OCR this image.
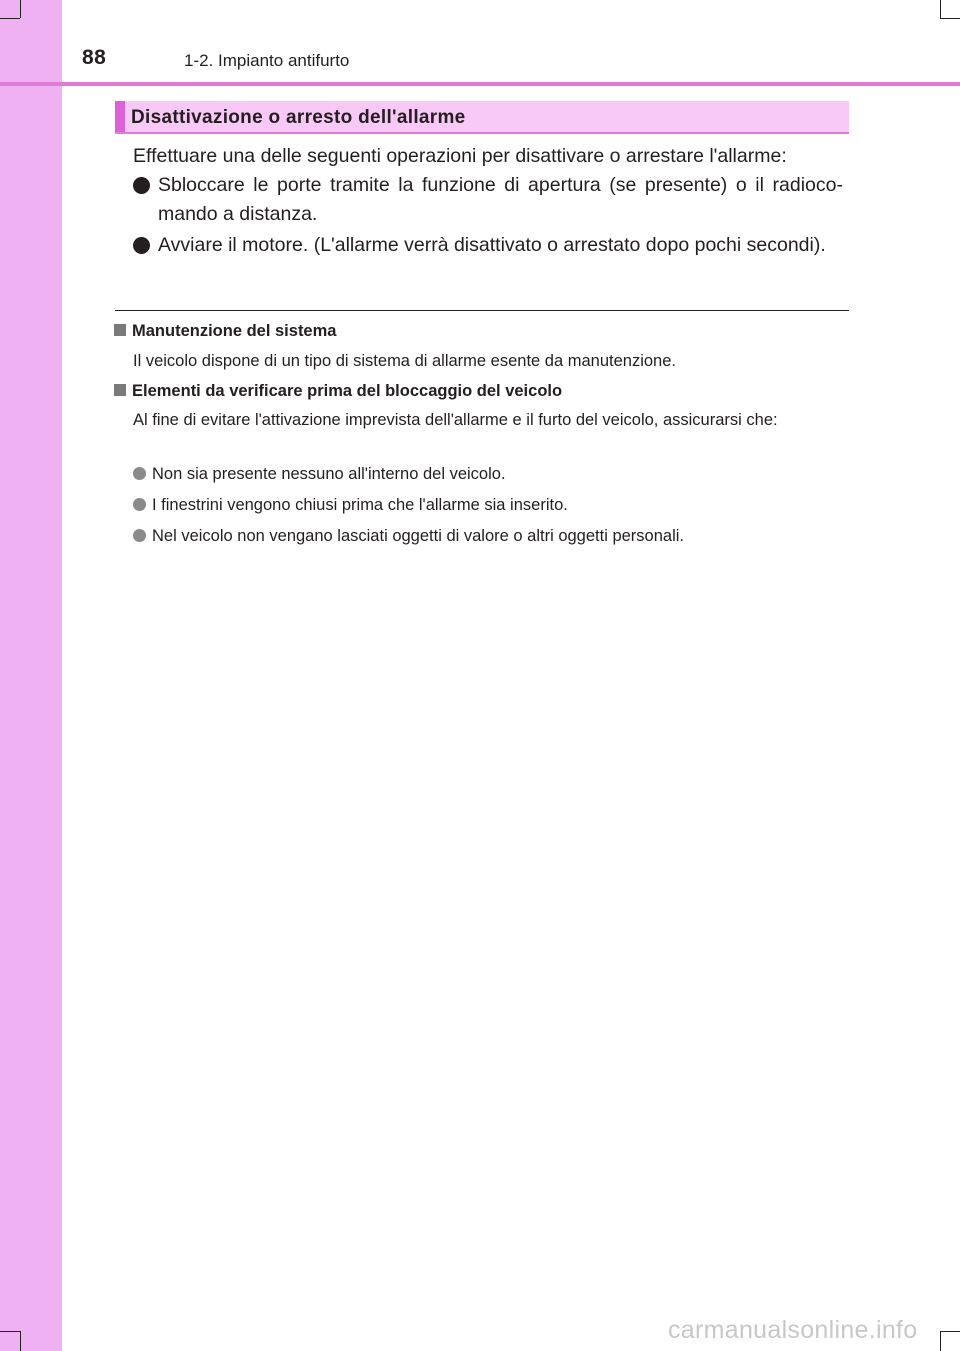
88	1-2. Impianto antifurto
Disattivazione o arresto dell'allarme
Effettuare una delle seguenti operazioni per disattivare o arrestare l'allarme:
Sbloccare le porte tramite la funzione di apertura (se presente) o il radioco-mando a distanza.
Avviare il motore. (L'allarme verrà disattivato o arrestato dopo pochi secondi).
Manutenzione del sistema
Il veicolo dispone di un tipo di sistema di allarme esente da manutenzione.
Elementi da verificare prima del bloccaggio del veicolo
Al fine di evitare l'attivazione imprevista dell'allarme e il furto del veicolo, assicurarsi che:
Non sia presente nessuno all'interno del veicolo.
I finestrini vengono chiusi prima che l'allarme sia inserito.
Nel veicolo non vengano lasciati oggetti di valore o altri oggetti personali.
carmanualsonline.info
